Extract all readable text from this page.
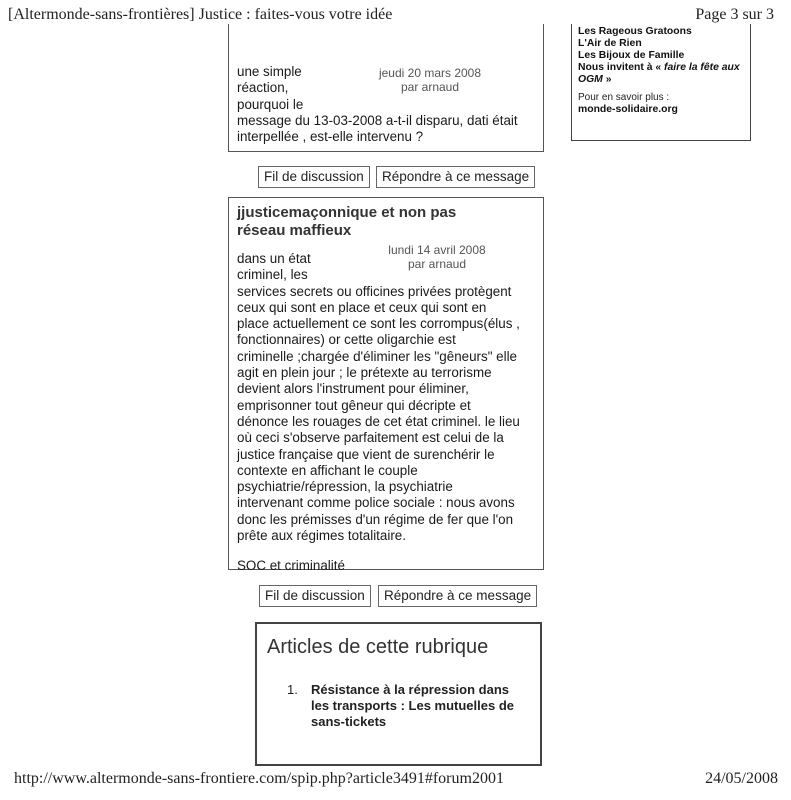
[Altermonde-sans-frontières] Justice : faites-vous votre idée	Page 3 sur 3
Les Rageous Gratoons
L'Air de Rien
Les Bijoux de Famille
Nous invitent à « faire la fête aux
OGM »
Pour en savoir plus :
monde-solidaire.org
jeudi 20 mars 2008
par arnaud
une simple
réaction,
pourquoi le
message du 13-03-2008 a-t-il disparu, dati était
interpellée , est-elle intervenu ?
Fil de discussion	Répondre à ce message
jjusticemaçonnique et non pas
réseau maffieux
lundi 14 avril 2008
par arnaud
dans un état
criminel, les
services secrets ou officines privées protègent
ceux qui sont en place et ceux qui sont en
place actuellement ce sont les corrompus(élus ,
fonctionnaires) or cette oligarchie est
criminelle ;chargée d'éliminer les "gêneurs" elle
agit en plein jour ; le prétexte au terrorisme
devient alors l'instrument pour éliminer,
emprisonner tout gêneur qui décripte et
dénonce les rouages de cet état criminel. le lieu
où ceci s'observe parfaitement est celui de la
justice française que vient de surenchérir le
contexte en affichant le couple
psychiatrie/répression, la psychiatrie
intervenant comme police sociale : nous avons
donc les prémisses d'un régime de fer que l'on
prête aux régimes totalitaire.
SOC et criminalité
Fil de discussion	Répondre à ce message
Articles de cette rubrique
1. Résistance à la répression dans
les transports : Les mutuelles de
sans-tickets
http://www.altermonde-sans-frontiere.com/spip.php?article3491#forum2001	24/05/2008
